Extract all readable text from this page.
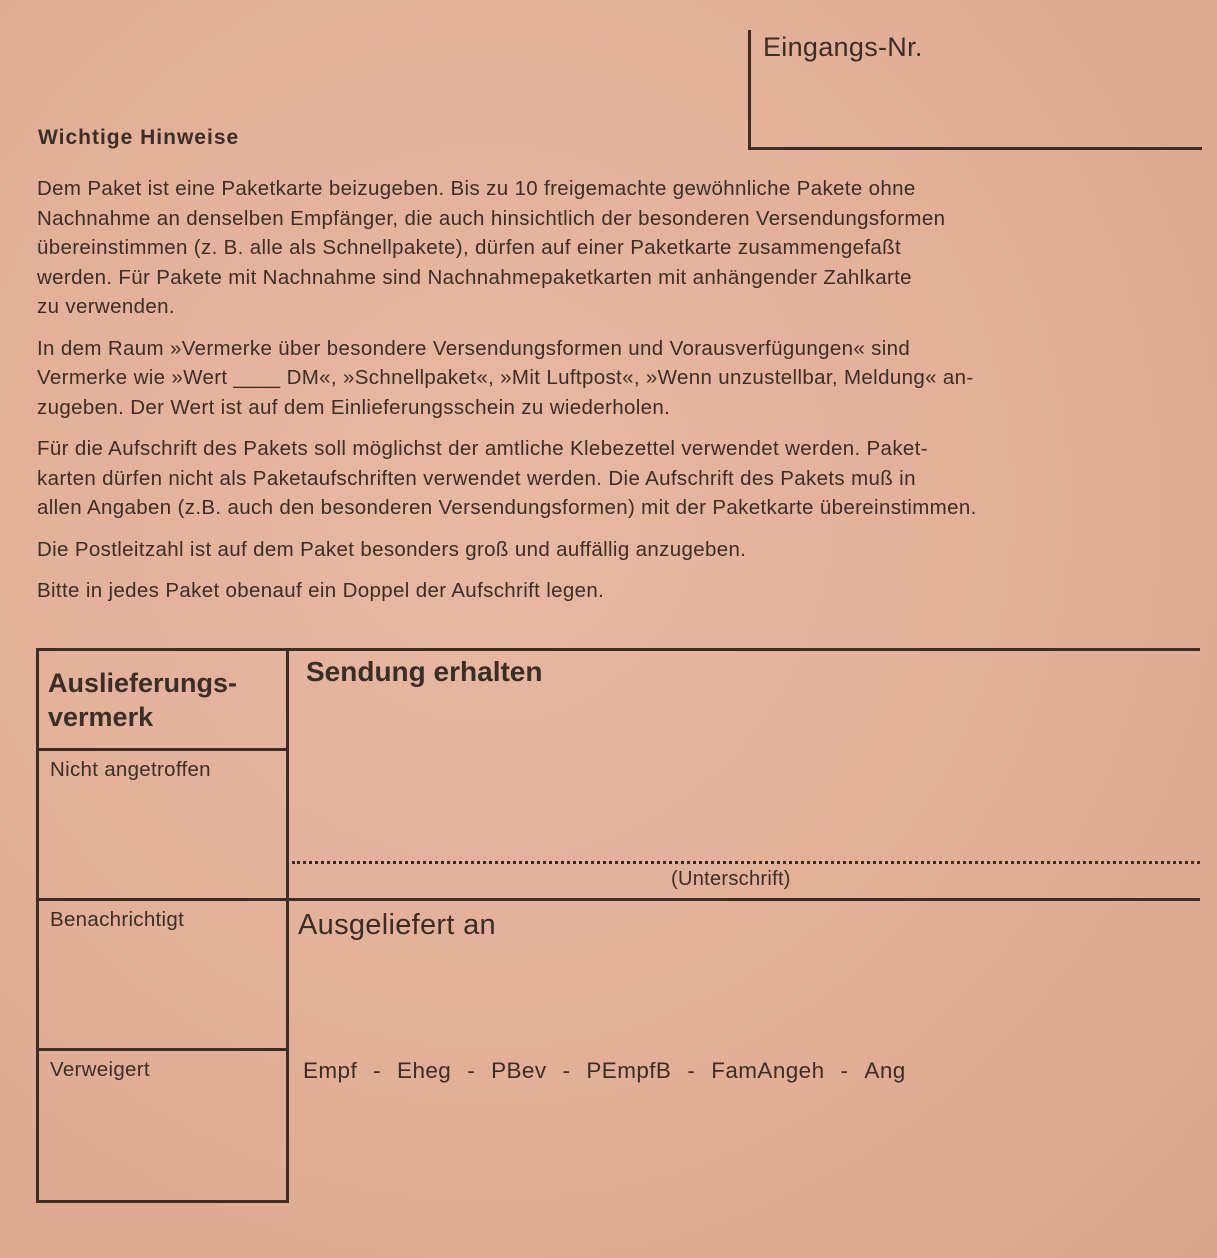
Eingangs-Nr.
Wichtige Hinweise

Dem Paket ist eine Paketkarte beizugeben. Bis zu 10 freigemachte gewöhnliche Pakete ohne
Nachnahme an denselben Empfänger, die auch hinsichtlich der besonderen Versendungsformen
übereinstimmen (z. B. alle als Schnellpakete), dürfen auf einer Paketkarte zusammengefaßt
werden. Für Pakete mit Nachnahme sind Nachnahmepaketkarten mit anhängender Zahlkarte
zu verwenden.

In dem Raum »Vermerke über besondere Versendungsformen und Vorausverfügungen« sind
Vermerke wie »Wert ____ DM«, »Schnellpaket«, »Mit Luftpost«, »Wenn unzustellbar, Meldung« an-
zugeben. Der Wert ist auf dem Einlieferungsschein zu wiederholen.

Für die Aufschrift des Pakets soll möglichst der amtliche Klebezettel verwendet werden. Paket-
karten dürfen nicht als Paketaufschriften verwendet werden. Die Aufschrift des Pakets muß in
allen Angaben (z.B. auch den besonderen Versendungsformen) mit der Paketkarte übereinstimmen.

Die Postleitzahl ist auf dem Paket besonders groß und auffällig anzugeben.

Bitte in jedes Paket obenauf ein Doppel der Aufschrift legen.

Auslieferungs-
vermerk
Nicht angetroffen
Benachrichtigt
Verweigert
Sendung erhalten
(Unterschrift)
Ausgeliefert an
Empf - Eheg - PBev - PEmpfB - FamAngeh - Ang
